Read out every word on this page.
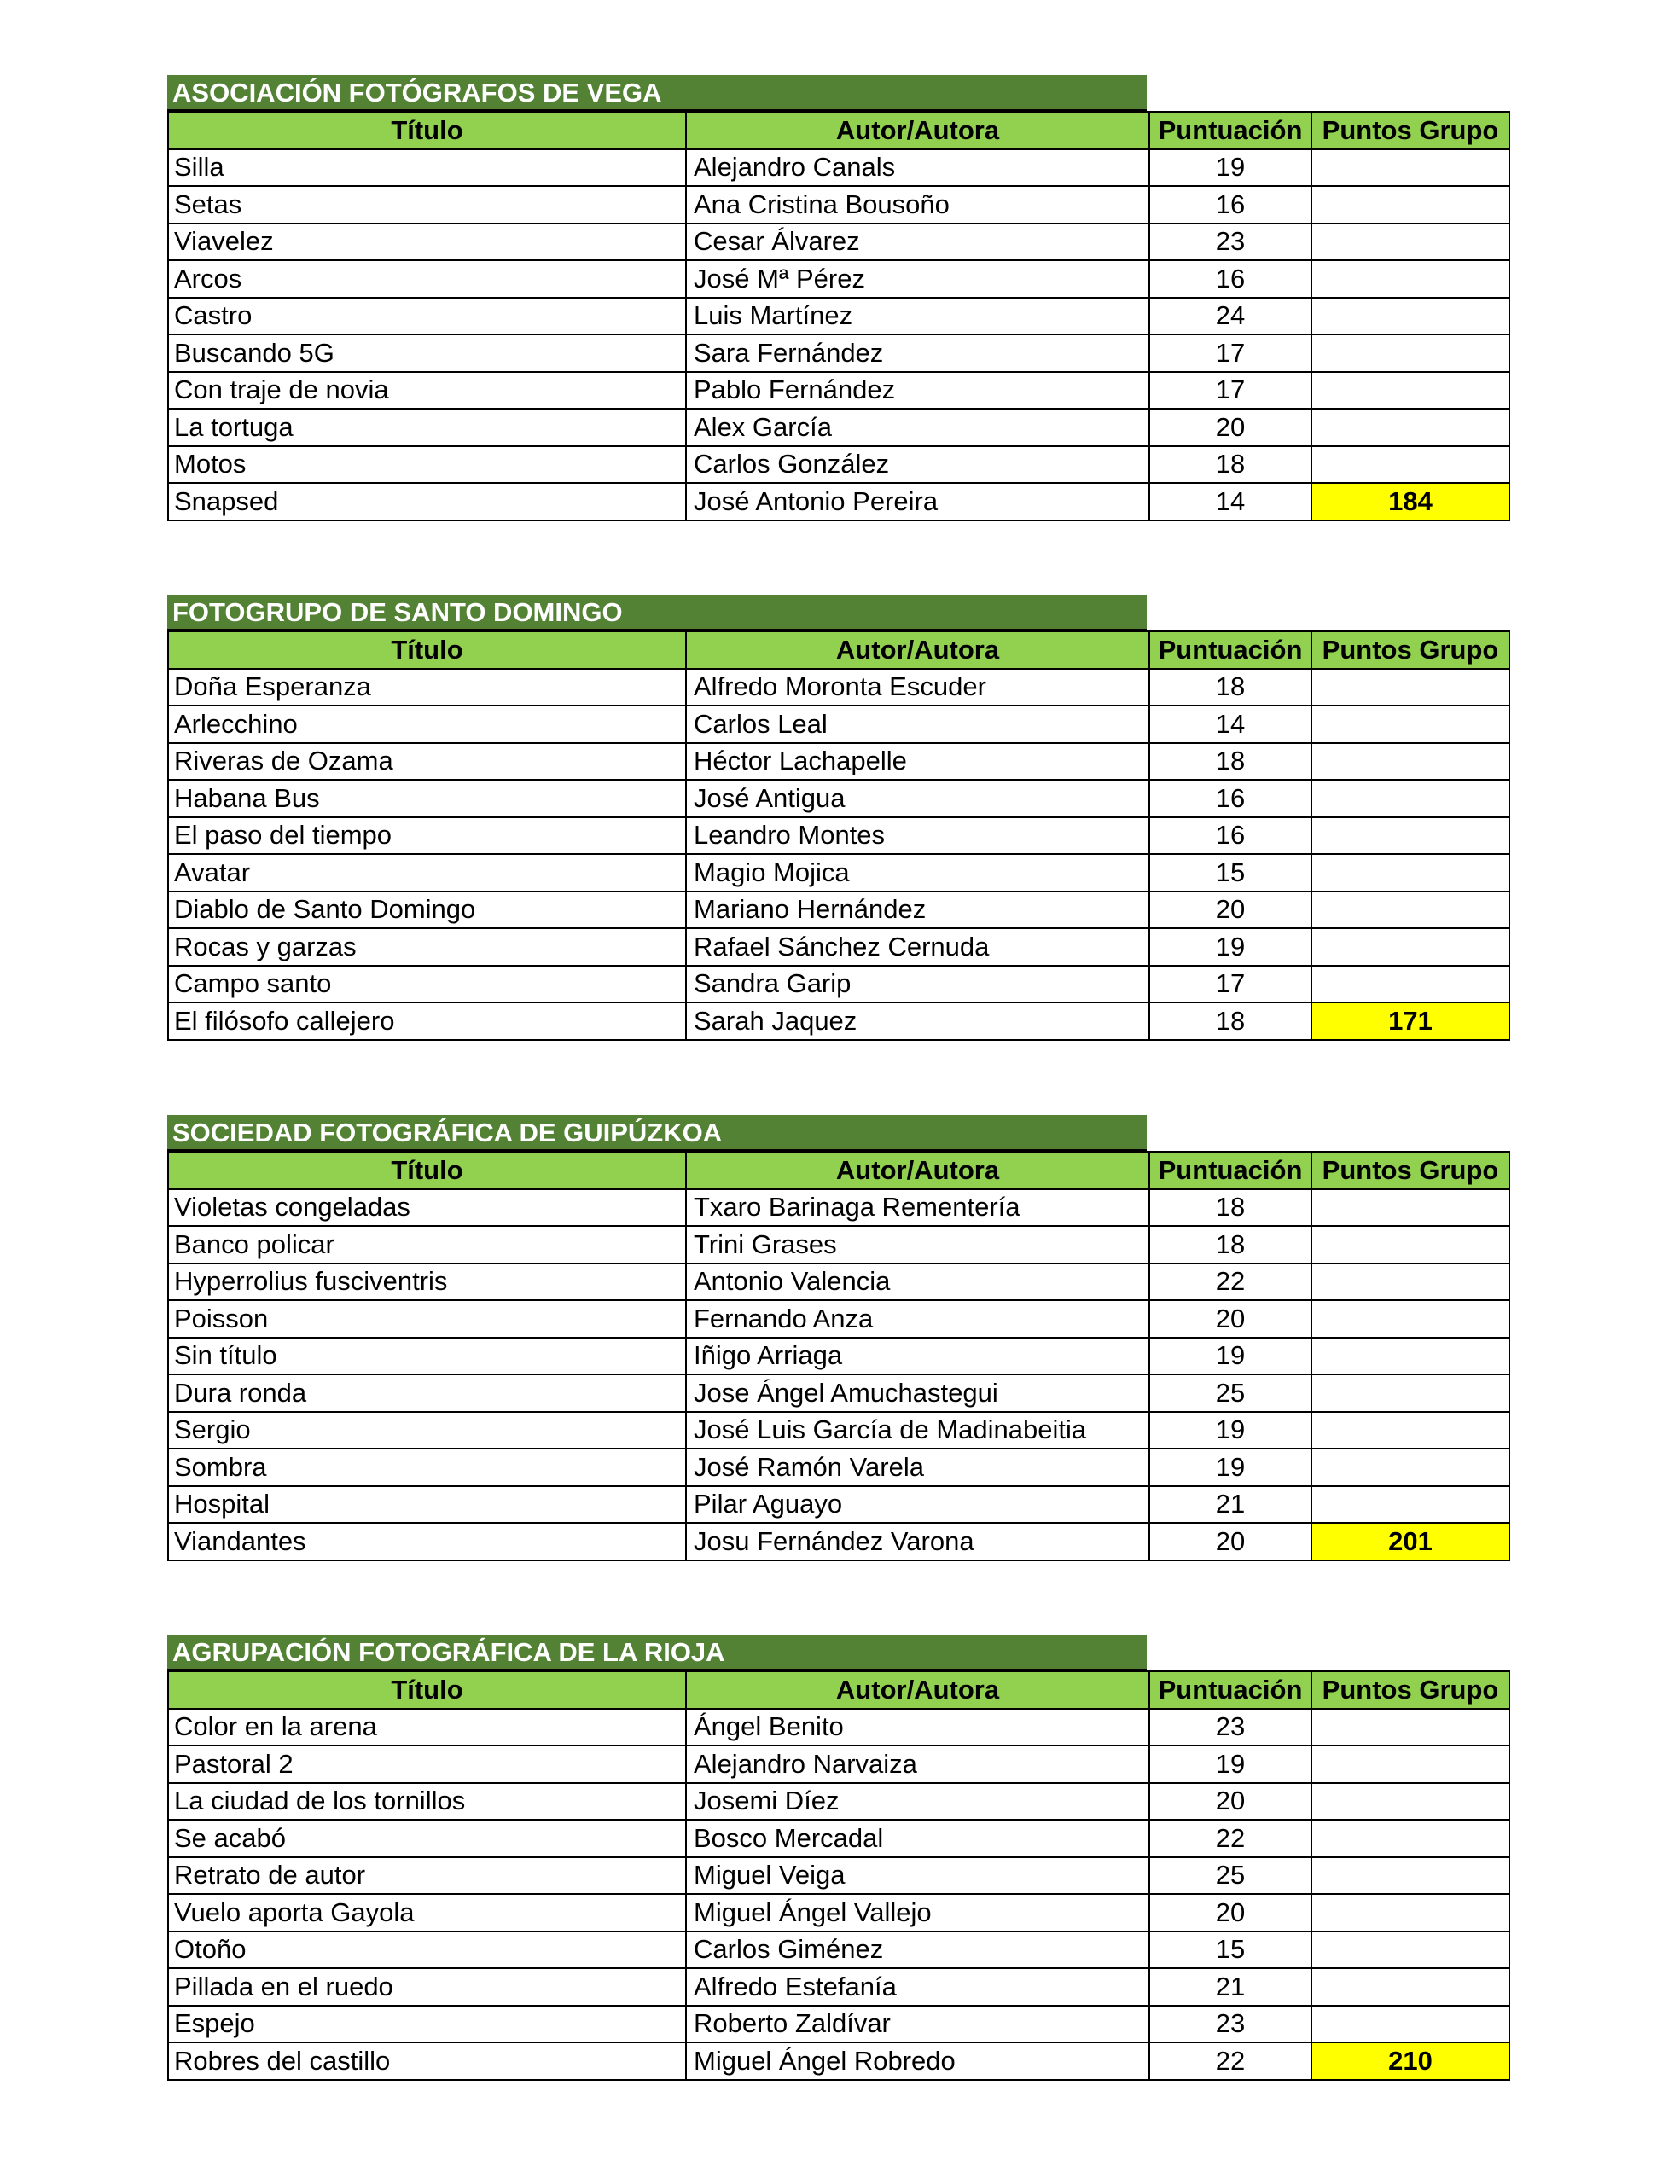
ASOCIACIÓN FOTÓGRAFOS DE VEGA
Título	Autor/Autora	Puntuación	Puntos Grupo
Silla	Alejandro Canals	19	
Setas	Ana Cristina Bousoño	16	
Viavelez	Cesar Álvarez	23	
Arcos	José Mª Pérez	16	
Castro	Luis Martínez	24	
Buscando 5G	Sara Fernández	17	
Con traje de novia	Pablo Fernández	17	
La tortuga	Alex García	20	
Motos	Carlos González	18	
Snapsed	José Antonio Pereira	14	184
FOTOGRUPO DE SANTO DOMINGO
Título	Autor/Autora	Puntuación	Puntos Grupo
Doña Esperanza	Alfredo Moronta Escuder	18	
Arlecchino	Carlos Leal	14	
Riveras de Ozama	Héctor Lachapelle	18	
Habana Bus	José Antigua	16	
El paso del tiempo	Leandro Montes	16	
Avatar	Magio Mojica	15	
Diablo de Santo Domingo	Mariano Hernández	20	
Rocas y garzas	Rafael Sánchez Cernuda	19	
Campo santo	Sandra Garip	17	
El filósofo callejero	Sarah Jaquez	18	171
SOCIEDAD FOTOGRÁFICA DE GUIPÚZKOA
Título	Autor/Autora	Puntuación	Puntos Grupo
Violetas congeladas	Txaro Barinaga Rementería	18	
Banco policar	Trini Grases	18	
Hyperrolius fusciventris	Antonio Valencia	22	
Poisson	Fernando Anza	20	
Sin título	Iñigo Arriaga	19	
Dura ronda	Jose Ángel Amuchastegui	25	
Sergio	José Luis García de Madinabeitia	19	
Sombra	José Ramón Varela	19	
Hospital	Pilar Aguayo	21	
Viandantes	Josu Fernández Varona	20	201
AGRUPACIÓN FOTOGRÁFICA DE LA RIOJA
Título	Autor/Autora	Puntuación	Puntos Grupo
Color en la arena	Ángel Benito	23	
Pastoral 2	Alejandro Narvaiza	19	
La ciudad de los tornillos	Josemi Díez	20	
Se acabó	Bosco Mercadal	22	
Retrato de autor	Miguel Veiga	25	
Vuelo aporta Gayola	Miguel Ángel Vallejo	20	
Otoño	Carlos Giménez	15	
Pillada en el ruedo	Alfredo Estefanía	21	
Espejo	Roberto Zaldívar	23	
Robres del castillo	Miguel Ángel Robredo	22	210
